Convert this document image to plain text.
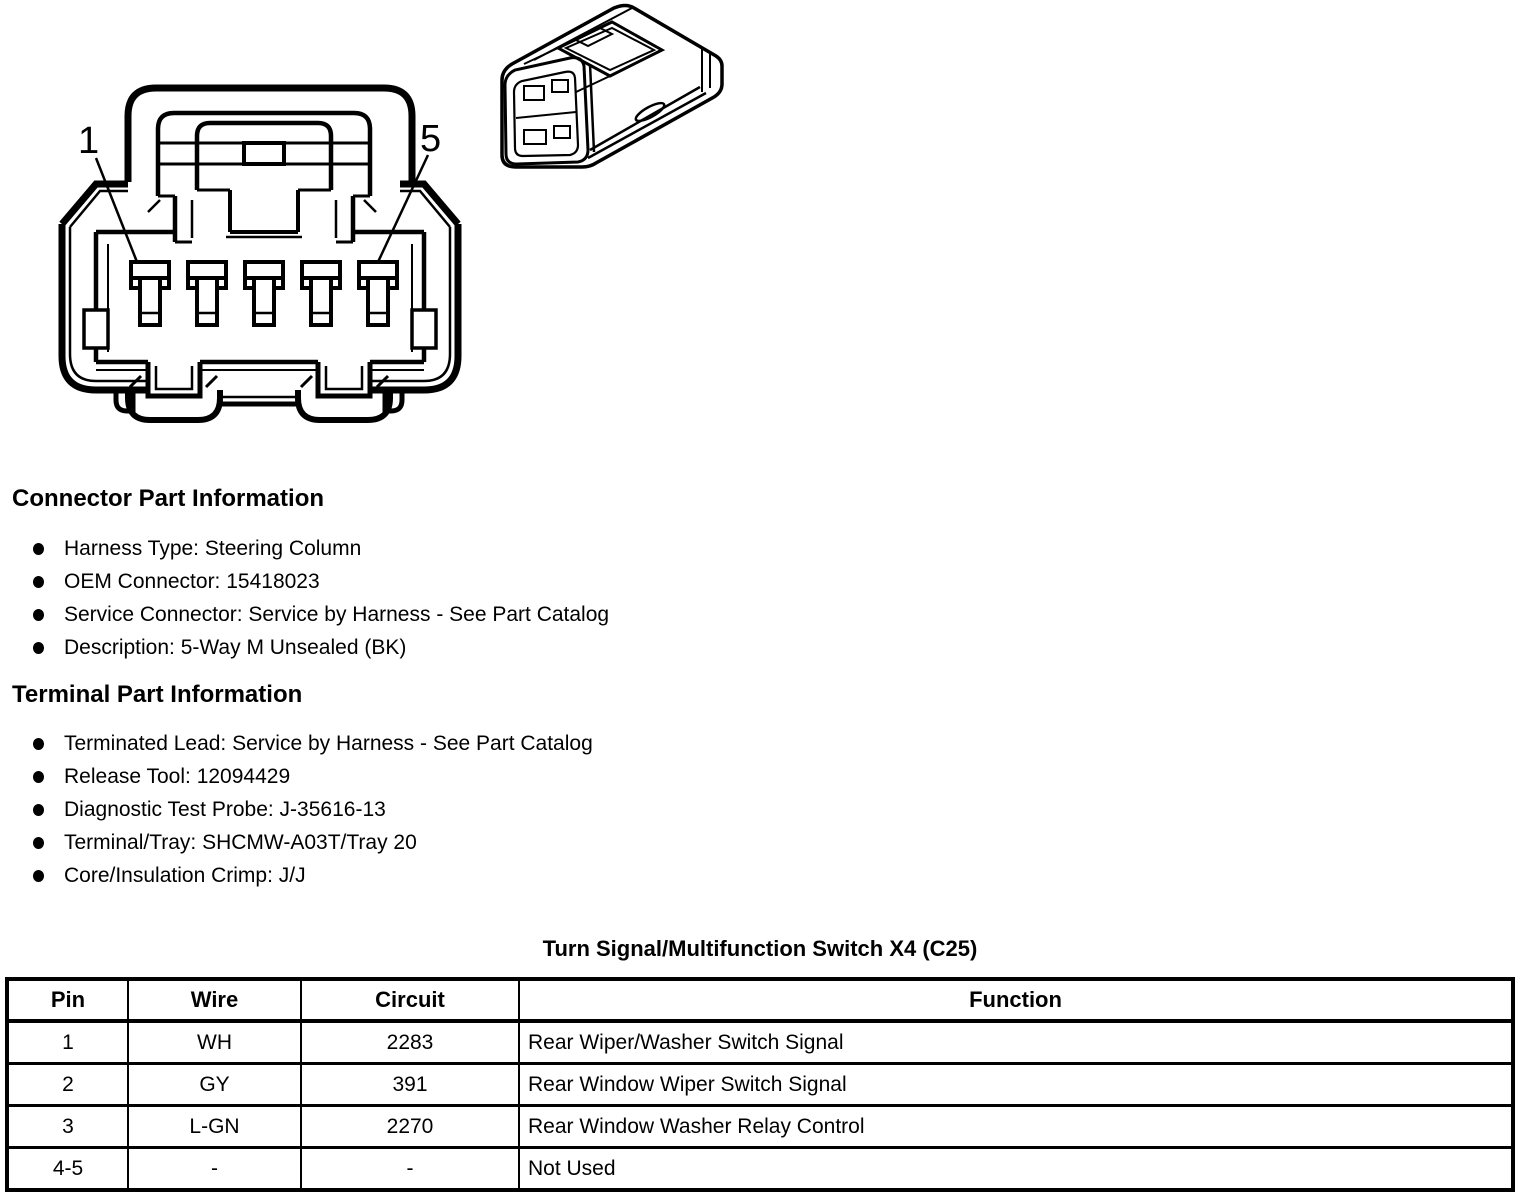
1	5
Connector Part Information
Harness Type: Steering Column
OEM Connector: 15418023
Service Connector: Service by Harness - See Part Catalog
Description: 5-Way M Unsealed (BK)
Terminal Part Information
Terminated Lead: Service by Harness - See Part Catalog
Release Tool: 12094429
Diagnostic Test Probe: J-35616-13
Terminal/Tray: SHCMW-A03T/Tray 20
Core/Insulation Crimp: J/J
Turn Signal/Multifunction Switch X4 (C25)
Pin	Wire	Circuit	Function
1	WH	2283	Rear Wiper/Washer Switch Signal
2	GY	391	Rear Window Wiper Switch Signal
3	L-GN	2270	Rear Window Washer Relay Control
4-5	-	-	Not Used
